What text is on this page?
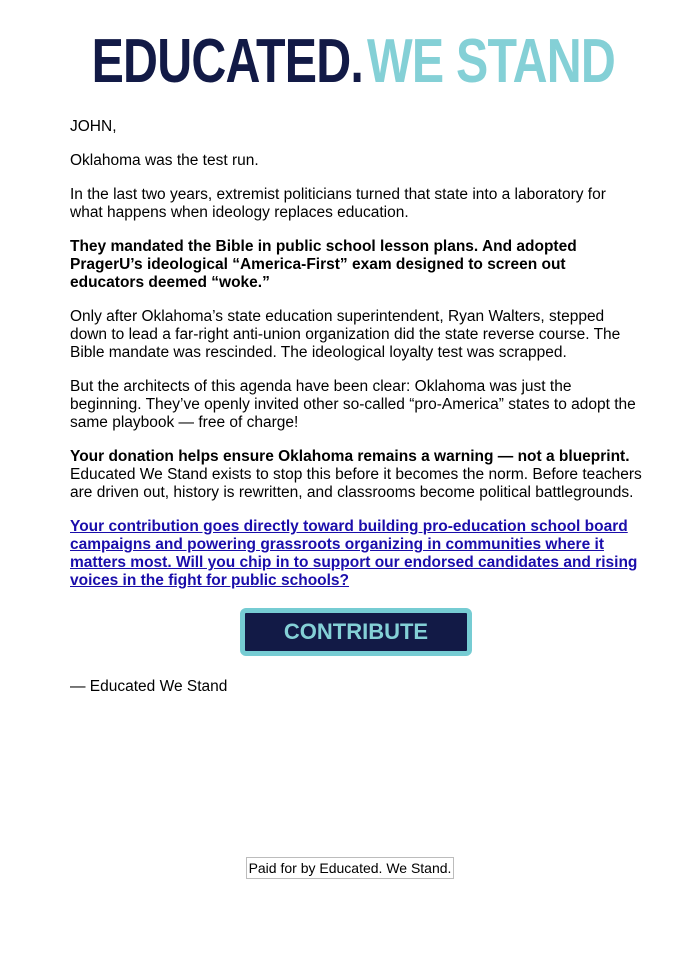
EDUCATED.WE STAND

JOHN,

Oklahoma was the test run.

In the last two years, extremist politicians turned that state into a laboratory for what happens when ideology replaces education.

They mandated the Bible in public school lesson plans. And adopted PragerU’s ideological “America-First” exam designed to screen out educators deemed “woke.”

Only after Oklahoma’s state education superintendent, Ryan Walters, stepped down to lead a far-right anti-union organization did the state reverse course. The Bible mandate was rescinded. The ideological loyalty test was scrapped.

But the architects of this agenda have been clear: Oklahoma was just the beginning. They’ve openly invited other so-called “pro-America” states to adopt the same playbook — free of charge!

Your donation helps ensure Oklahoma remains a warning — not a blueprint. Educated We Stand exists to stop this before it becomes the norm. Before teachers are driven out, history is rewritten, and classrooms become political battlegrounds.

Your contribution goes directly toward building pro-education school board campaigns and powering grassroots organizing in communities where it matters most. Will you chip in to support our endorsed candidates and rising voices in the fight for public schools?

CONTRIBUTE

— Educated We Stand

Paid for by Educated. We Stand.
